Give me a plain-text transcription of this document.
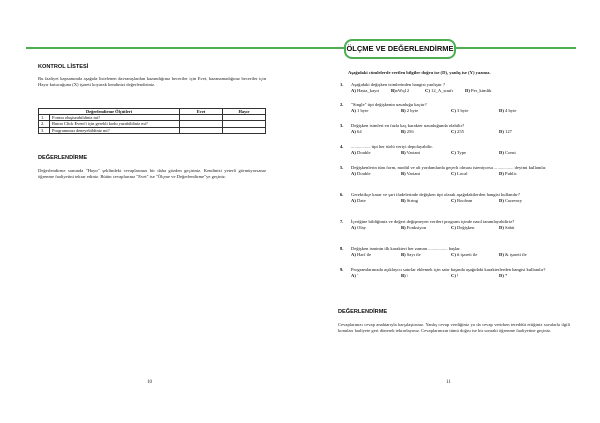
KONTROL LİSTESİ
Bu faaliyet kapsamında aşağıda listelenen davranışlardan kazandığınız beceriler için Evet, kazanamadığınız beceriler için Hayır kutucuğuna (X) işareti koyarak kendinizi değerlendiriniz.
Değerlendirme Ölçütleri		Evet	Hayır
1.	Formu oluşturabildiniz mi?		
2.	Buton Click Event'i için gerekli kodu yazabildiniz mi?		
3.	Programınızı deneyebildiniz mi?		
DEĞERLENDİRME
Değerlendirme sonunda "Hayır" şeklindeki cevaplarınızı bir daha gözden geçiriniz. Kendinizi yeterli görmüyorsanız öğrenme faaliyetini tekrar ediniz. Bütün cevaplarınız "Evet" ise "Ölçme ve Değerlendirme"ye geçiniz.
10
ÖLÇME VE DEĞERLENDİRME
Aşağıdaki cümlelerde verilen bilgiler doğru ise (D), yanlış ise (Y) yazınız.
1. Aşağıdaki değişken isimlerinden hangisi yanlıştır ?
A) Hasta_kayıt	B)xWq12	C) 12_A_sınıfı	D) Per_kimlik
2. "Single" tipi değişkenin uzunluğu kaçtır?
A) 1 byte	B) 2 byte	C) 3 byte	D) 4 byte
3. Değişken isimleri en fazla kaç karakter uzunluğunda olabilir?
A) 64	B) 256	C) 255	D) 127
4. ................. tipi her türlü veriyi depolayabilir.
A) Double	B) Variant	C) Type	D) Const
5. Değişkenlerin tüm form, modül ve alt yordamlarda geçerli olması isteniyorsa ................. deyimi kullanılır.
A) Double	B) Variant	C) Local	D) Public
6. Gerektikçe karar ve şart ifadelerinde değişken tipi olarak aşağıdakilerden hangisi kullanılır?
A) Date	B) String	C) Boolean	D) Currency
7. İçeriğine bildiğimiz ve değeri değişmeyen verileri program içinde nasıl tanımlayabiliriz?
A) Olay	B) Fonksiyon	C) Değişken	D) Sabit
8. Değişken isminin ilk karakteri her zaman ................. başlar.
A) Harf ile	B) Sayı ile	C) # işareti ile	D) & işareti ile
9. Programlarınızda açıklayıcı satırlar eklemek için satır başında aşağıdaki karakterlerden hangisi kullanılır?
A) '	B) \	C) !	D) *
DEĞERLENDİRME
Cevaplarınızı cevap anahtarıyla karşılaştırınız. Yanlış cevap verdiğiniz ya da cevap verirken tereddüt ettiğiniz sorularla ilgili konuları faaliyete geri dönerek tekrarlayınız. Cevaplarınızın tümü doğru ise bir sonraki öğrenme faaliyetine geçiniz.
11
